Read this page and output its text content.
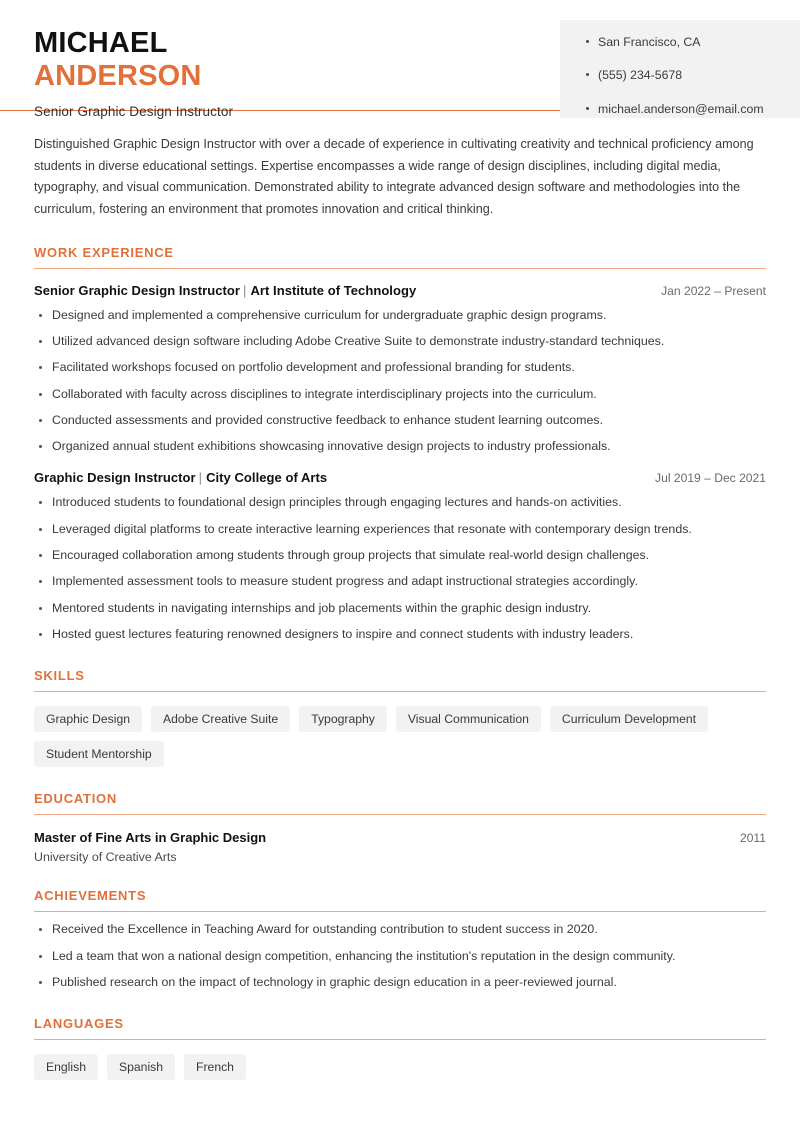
MICHAEL
ANDERSON
Senior Graphic Design Instructor
San Francisco, CA
(555) 234-5678
michael.anderson@email.com
Distinguished Graphic Design Instructor with over a decade of experience in cultivating creativity and technical proficiency among students in diverse educational settings. Expertise encompasses a wide range of design disciplines, including digital media, typography, and visual communication. Demonstrated ability to integrate advanced design software and methodologies into the curriculum, fostering an environment that promotes innovation and critical thinking.
WORK EXPERIENCE
Senior Graphic Design Instructor | Art Institute of Technology	Jan 2022 – Present
Designed and implemented a comprehensive curriculum for undergraduate graphic design programs.
Utilized advanced design software including Adobe Creative Suite to demonstrate industry-standard techniques.
Facilitated workshops focused on portfolio development and professional branding for students.
Collaborated with faculty across disciplines to integrate interdisciplinary projects into the curriculum.
Conducted assessments and provided constructive feedback to enhance student learning outcomes.
Organized annual student exhibitions showcasing innovative design projects to industry professionals.
Graphic Design Instructor | City College of Arts	Jul 2019 – Dec 2021
Introduced students to foundational design principles through engaging lectures and hands-on activities.
Leveraged digital platforms to create interactive learning experiences that resonate with contemporary design trends.
Encouraged collaboration among students through group projects that simulate real-world design challenges.
Implemented assessment tools to measure student progress and adapt instructional strategies accordingly.
Mentored students in navigating internships and job placements within the graphic design industry.
Hosted guest lectures featuring renowned designers to inspire and connect students with industry leaders.
SKILLS
Graphic Design	Adobe Creative Suite	Typography	Visual Communication	Curriculum Development
Student Mentorship
EDUCATION
Master of Fine Arts in Graphic Design	2011
University of Creative Arts
ACHIEVEMENTS
Received the Excellence in Teaching Award for outstanding contribution to student success in 2020.
Led a team that won a national design competition, enhancing the institution's reputation in the design community.
Published research on the impact of technology in graphic design education in a peer-reviewed journal.
LANGUAGES
English	Spanish	French
